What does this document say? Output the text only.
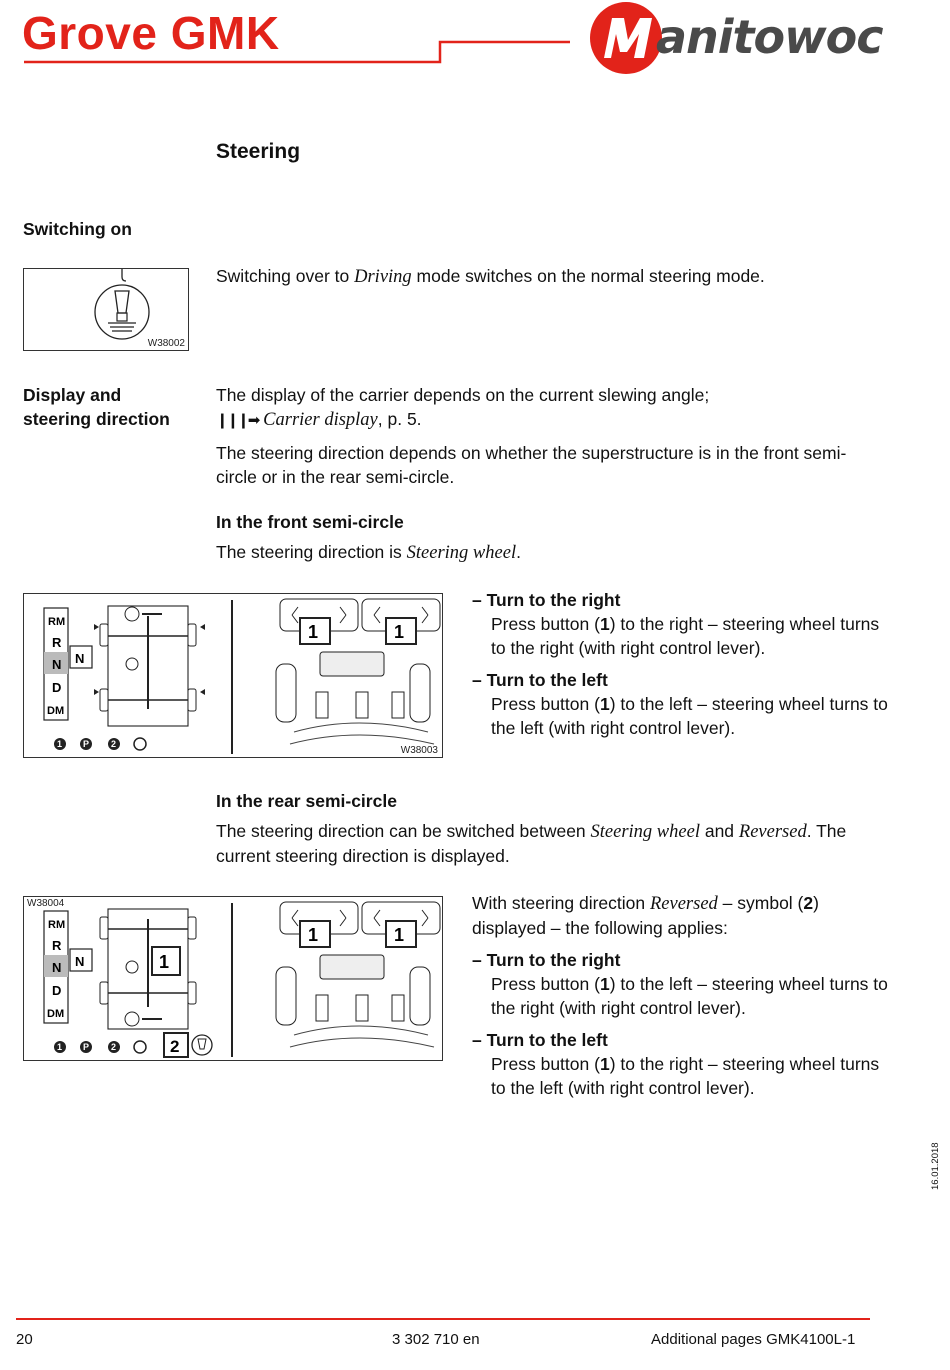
Grove GMK	anitowoc
Steering
Switching on
W38002
Switching over to Driving mode switches on the normal steering mode.
Display and
steering direction

The display of the carrier depends on the current slewing angle;
❙❙❙➡ Carrier display, p. 5.

The steering direction depends on whether the superstructure is in the front semi-circle or in the rear semi-circle.

In the front semi-circle
The steering direction is Steering wheel.
RM
R
N
D
DM
N
1 P 2
1	1
W38003

– Turn to the right

Press button (1) to the right – steering wheel turns to the right (with right control lever).

– Turn to the left

Press button (1) to the left – steering wheel turns to the left (with right control lever).

In the rear semi-circle
The steering direction can be switched between Steering wheel and Reversed. The current steering direction is displayed.
RM
R
N
D
DM
N	1
1 P 2	2
1	1
W38004	With steering direction Reversed – symbol (2) displayed – the following applies:

– Turn to the right

Press button (1) to the left – steering wheel turns to the right (with right control lever).

– Turn to the left

Press button (1) to the right – steering wheel turns to the left (with right control lever).

16.01.2018
20	3 302 710 en	Additional pages GMK4100L-1
